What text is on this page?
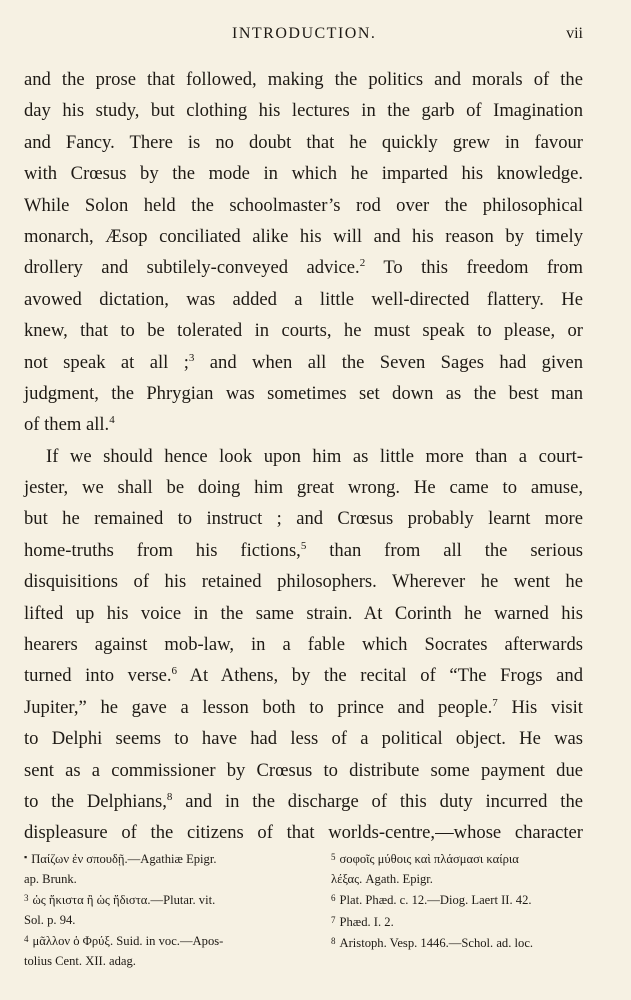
INTRODUCTION.	vii
and the prose that followed, making the politics and morals of the
day his study, but clothing his lectures in the garb of Imagination
and Fancy. There is no doubt that he quickly grew in favour
with Crœsus by the mode in which he imparted his knowledge.
While Solon held the schoolmaster’s rod over the philosophical
monarch, Æsop conciliated alike his will and his reason by timely
drollery and subtilely-conveyed advice.$^2$ To this freedom from
avowed dictation, was added a little well-directed flattery. He
knew, that to be tolerated in courts, he must speak to please, or
not speak at all ;$^3$ and when all the Seven Sages had given
judgment, the Phrygian was sometimes set down as the best man
of them all.$^4$
If we should hence look upon him as little more than a court-
jester, we shall be doing him great wrong. He came to amuse,
but he remained to instruct ; and Crœsus probably learnt more
home-truths from his fictions,$^5$ than from all the serious
disquisitions of his retained philosophers. Wherever he went he
lifted up his voice in the same strain. At Corinth he warned his
hearers against mob-law, in a fable which Socrates afterwards
turned into verse.$^6$ At Athens, by the recital of “The Frogs and
Jupiter,” he gave a lesson both to prince and people.$^7$ His visit
to Delphi seems to have had less of a political object. He was
sent as a commissioner by Crœsus to distribute some payment due
to the Delphians,$^8$ and in the discharge of this duty incurred the
displeasure of the citizens of that worlds-centre,—whose character
▪ Παίζων ἐν σπουδῇ.—Agathiæ Epigr.
ap. Brunk.
$^3$ ὡς ἥκιστα ἢ ὡς ἥδιστα.—Plutar. vit.
Sol. p. 94.
$^4$ μᾶλλον ὁ Φρύξ. Suid. in voc.—Apos-
tolius Cent. XII. adag.
$^5$ σοφοῖς μύθοις καὶ πλάσμασι καίρια
λέξας. Agath. Epigr.
$^6$ Plat. Phæd. c. 12.—Diog. Laert II. 42.
$^7$ Phæd. I. 2.
$^8$ Aristoph. Vesp. 1446.—Schol. ad. loc.
